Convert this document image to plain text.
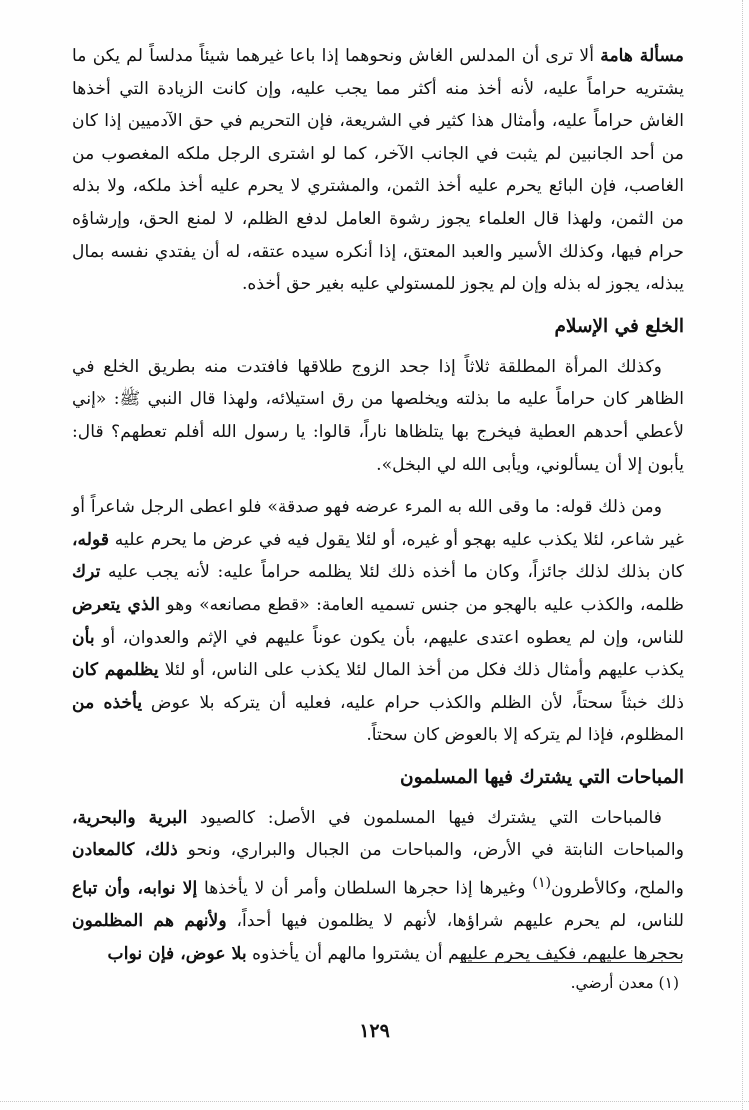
مسألة هامة ألا ترى أن المدلس الغاش ونحوهما إذا باعا غيرهما شيئاً مدلساً لم يكن ما يشتريه حراماً عليه، لأنه أخذ منه أكثر مما يجب عليه، وإن كانت الزيادة التي أخذها الغاش حراماً عليه، وأمثال هذا كثير في الشريعة، فإن التحريم في حق الآدميين إذا كان من أحد الجانبين لم يثبت في الجانب الآخر، كما لو اشترى الرجل ملكه المغصوب من الغاصب، فإن البائع يحرم عليه أخذ الثمن، والمشتري لا يحرم عليه أخذ ملكه، ولا بذله من الثمن، ولهذا قال العلماء يجوز رشوة العامل لدفع الظلم، لا لمنع الحق، وإرشاؤه حرام فيها، وكذلك الأسير والعبد المعتق، إذا أنكره سيده عتقه، له أن يفتدي نفسه بمال يبذله، يجوز له بذله وإن لم يجوز للمستولي عليه بغير حق أخذه.

الخلع في الإسلام

وكذلك المرأة المطلقة ثلاثاً إذا جحد الزوج طلاقها فافتدت منه بطريق الخلع في الظاهر كان حراماً عليه ما بذلته ويخلصها من رق استيلائه، ولهذا قال النبي ﷺ: «إني لأعطي أحدهم العطية فيخرج بها يتلظاها ناراً، قالوا: يا رسول الله أفلم تعطهم؟ قال: يأبون إلا أن يسألوني، ويأبى الله لي البخل».

ومن ذلك قوله: ما وقى الله به المرء عرضه فهو صدقة» فلو اعطى الرجل شاعراً أو غير شاعر، لئلا يكذب عليه بهجو أو غيره، أو لئلا يقول فيه في عرض ما يحرم عليه قوله، كان بذلك لذلك جائزاً، وكان ما أخذه ذلك لئلا يظلمه حراماً عليه: لأنه يجب عليه ترك ظلمه، والكذب عليه بالهجو من جنس تسميه العامة: «قطع مصانعه» وهو الذي يتعرض للناس، وإن لم يعطوه اعتدى عليهم، بأن يكون عوناً عليهم في الإثم والعدوان، أو بأن يكذب عليهم وأمثال ذلك فكل من أخذ المال لئلا يكذب على الناس، أو لئلا يظلمهم كان ذلك خبثاً سحتاً، لأن الظلم والكذب حرام عليه، فعليه أن يتركه بلا عوض يأخذه من المظلوم، فإذا لم يتركه إلا بالعوض كان سحتاً.

المباحات التي يشترك فيها المسلمون

فالمباحات التي يشترك فيها المسلمون في الأصل: كالصيود البرية والبحرية، والمباحات النابتة في الأرض، والمباحات من الجبال والبراري، ونحو ذلك، كالمعادن والملح، وكالأطرون$^{(١)}$ وغيرها إذا حجرها السلطان وأمر أن لا يأخذها إلا نوابه، وأن تباع للناس، لم يحرم عليهم شراؤها، لأنهم لا يظلمون فيها أحداً، ولأنهم هم المظلمون بحجرها عليهم، فكيف يحرم عليهم أن يشتروا مالهم أن يأخذوه بلا عوض، فإن نواب

(١) معدن أرضي.
١٢٩
